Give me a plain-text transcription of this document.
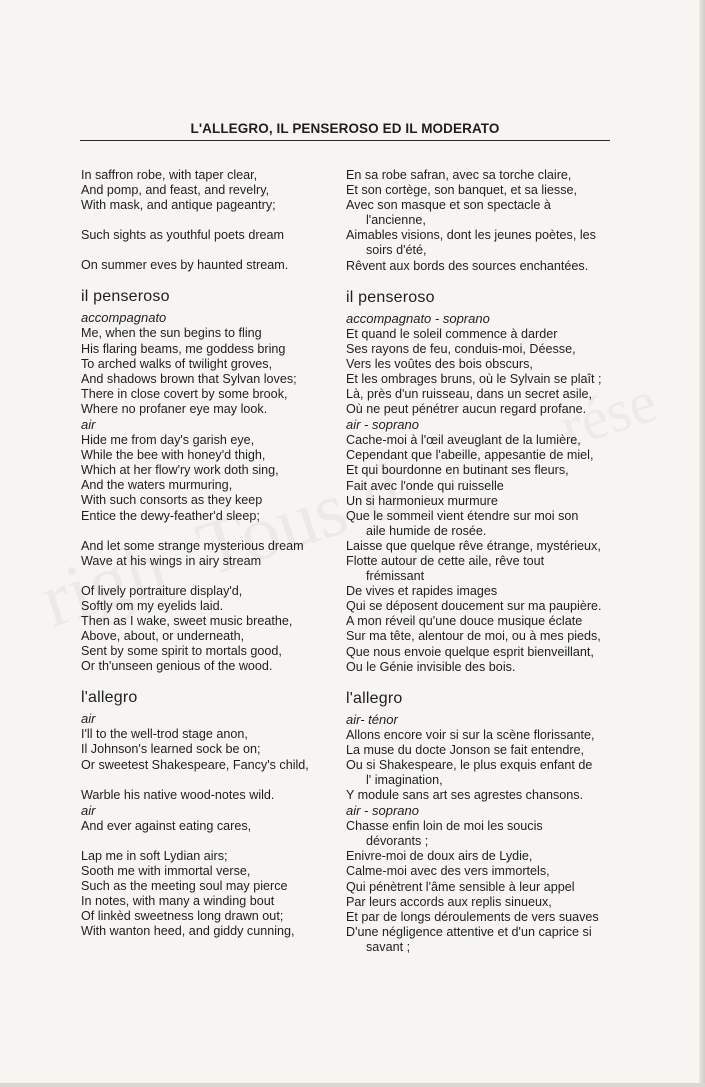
L'ALLEGRO, IL PENSEROSO ED IL MODERATO
In saffron robe, with taper clear,
And pomp, and feast, and revelry,
With mask, and antique pageantry;
Such sights as youthful poets dream
On summer eves by haunted stream.
il penseroso
accompagnato
Me, when the sun begins to fling
His flaring beams, me goddess bring
To arched walks of twilight groves,
And shadows brown that Sylvan loves;
There in close covert by some brook,
Where no profaner eye may look.
air
Hide me from day's garish eye,
While the bee with honey'd thigh,
Which at her flow'ry work doth sing,
And the waters murmuring,
With such consorts as they keep
Entice the dewy-feather'd sleep;
And let some strange mysterious dream
Wave at his wings in airy stream
Of lively portraiture display'd,
Softly om my eyelids laid.
Then as I wake, sweet music breathe,
Above, about, or underneath,
Sent by some spirit to mortals good,
Or th'unseen genious of the wood.
l'allegro
air
I'll to the well-trod stage anon,
Il Johnson's learned sock be on;
Or sweetest Shakespeare, Fancy's child,
Warble his native wood-notes wild.
air
And ever against eating cares,
Lap me in soft Lydian airs;
Sooth me with immortal verse,
Such as the meeting soul may pierce
In notes, with many a winding bout
Of linkèd sweetness long drawn out;
With wanton heed, and giddy cunning,
En sa robe safran, avec sa torche claire,
Et son cortège, son banquet, et sa liesse,
Avec son masque et son spectacle à
l'ancienne,
Aimables visions, dont les jeunes poètes, les
soirs d'été,
Rêvent aux bords des sources enchantées.
il penseroso
accompagnato - soprano
Et quand le soleil commence à darder
Ses rayons de feu, conduis-moi, Déesse,
Vers les voûtes des bois obscurs,
Et les ombrages bruns, où le Sylvain se plaît ;
Là, près d'un ruisseau, dans un secret asile,
Où ne peut pénétrer aucun regard profane.
air - soprano
Cache-moi à l'œil aveuglant de la lumière,
Cependant que l'abeille, appesantie de miel,
Et qui bourdonne en butinant ses fleurs,
Fait avec l'onde qui ruisselle
Un si harmonieux murmure
Que le sommeil vient étendre sur moi son
aile humide de rosée.
Laisse que quelque rêve étrange, mystérieux,
Flotte autour de cette aile, rêve tout
frémissant
De vives et rapides images
Qui se déposent doucement sur ma paupière.
A mon réveil qu'une douce musique éclate
Sur ma tête, alentour de moi, ou à mes pieds,
Que nous envoie quelque esprit bienveillant,
Ou le Génie invisible des bois.
l'allegro
air- ténor
Allons encore voir si sur la scène florissante,
La muse du docte Jonson se fait entendre,
Ou si Shakespeare, le plus exquis enfant de
l' imagination,
Y module sans art ses agrestes chansons.
air - soprano
Chasse enfin loin de moi les soucis
dévorants ;
Enivre-moi de doux airs de Lydie,
Calme-moi avec des vers immortels,
Qui pénètrent l'âme sensible à leur appel
Par leurs accords aux replis sinueux,
Et par de longs déroulements de vers suaves
D'une négligence attentive et d'un caprice si
savant ;
